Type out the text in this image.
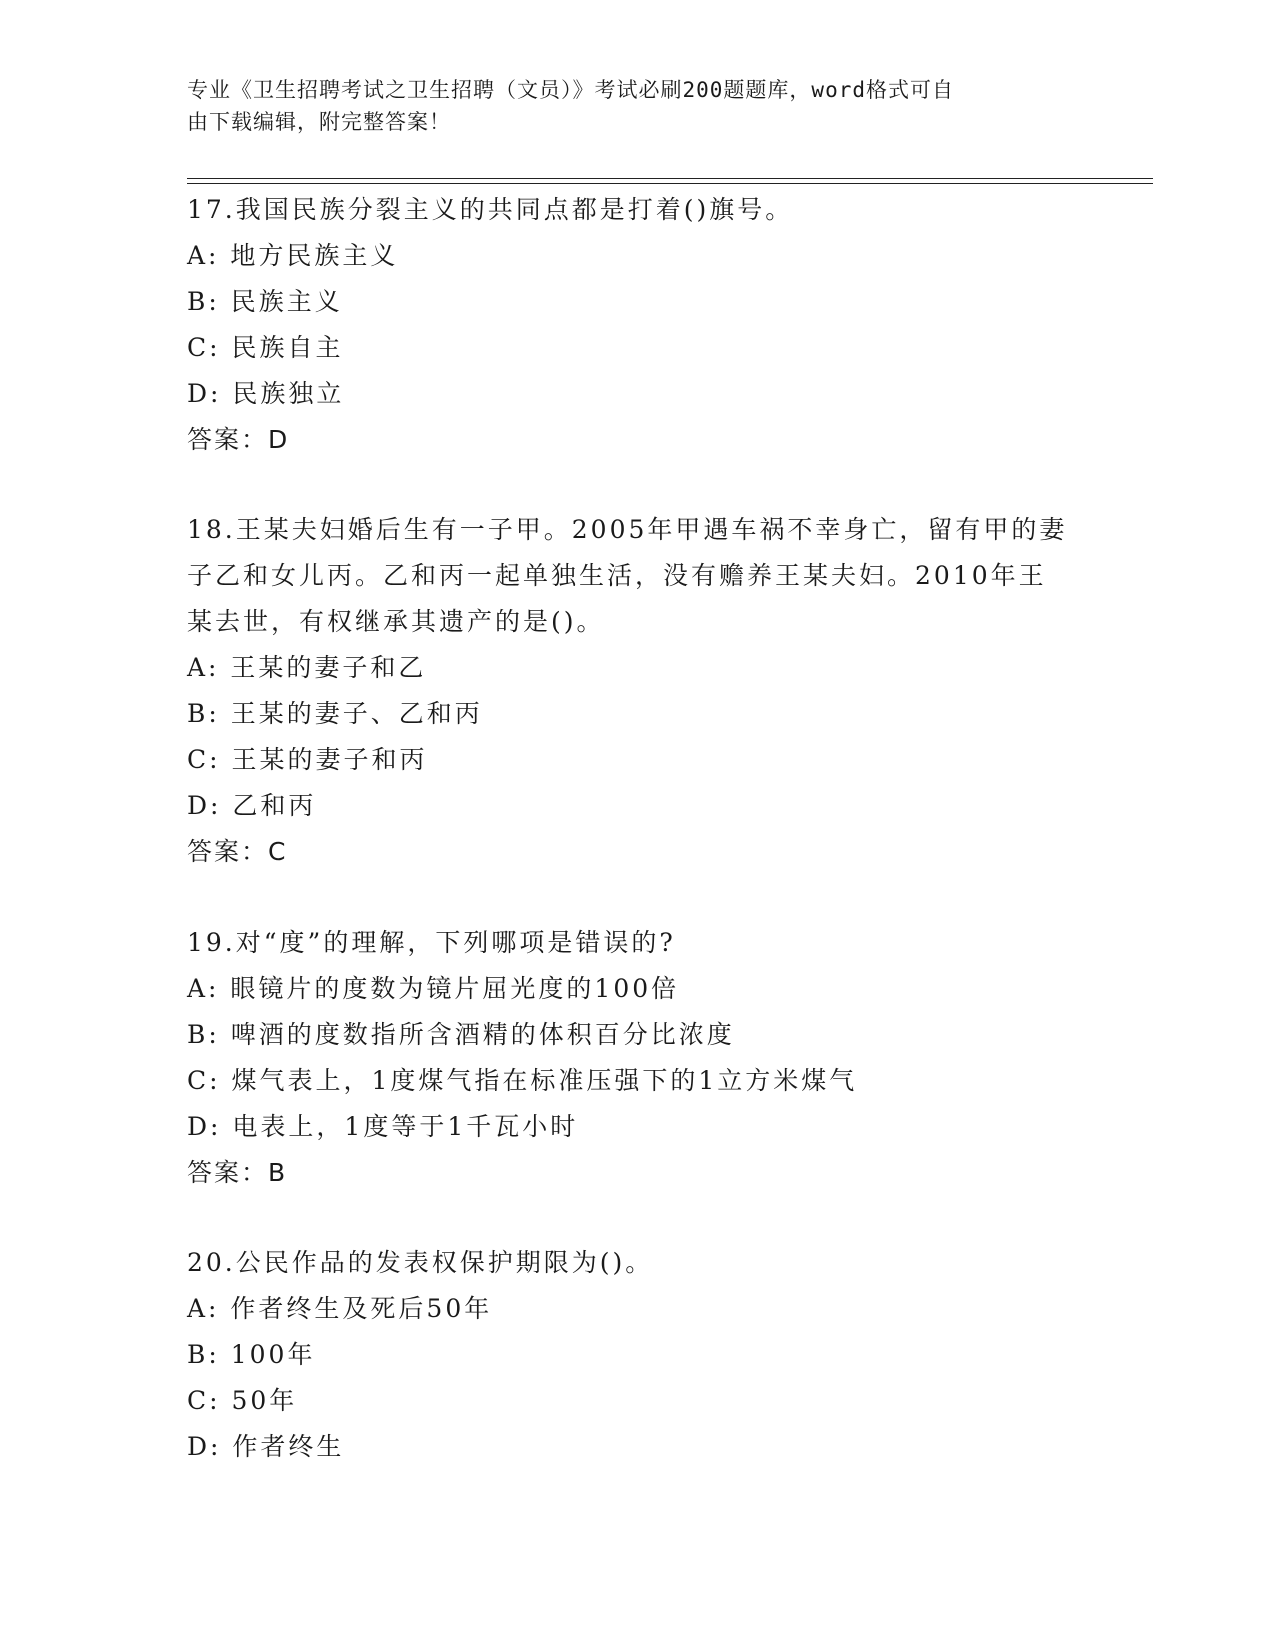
专业《卫生招聘考试之卫生招聘（文员）》考试必刷200题题库，word格式可自
由下载编辑，附完整答案！
17.我国民族分裂主义的共同点都是打着()旗号。
A: 地方民族主义
B: 民族主义
C: 民族自主
D: 民族独立
答案：D
18.王某夫妇婚后生有一子甲。2005年甲遇车祸不幸身亡，留有甲的妻
子乙和女儿丙。乙和丙一起单独生活，没有赡养王某夫妇。2010年王
某去世，有权继承其遗产的是()。
A: 王某的妻子和乙
B: 王某的妻子、乙和丙
C: 王某的妻子和丙
D: 乙和丙
答案：C
19.对“度”的理解，下列哪项是错误的?
A: 眼镜片的度数为镜片屈光度的100倍
B: 啤酒的度数指所含酒精的体积百分比浓度
C: 煤气表上，1度煤气指在标准压强下的1立方米煤气
D: 电表上，1度等于1千瓦小时
答案：B
20.公民作品的发表权保护期限为()。
A: 作者终生及死后50年
B: 100年
C: 50年
D: 作者终生
